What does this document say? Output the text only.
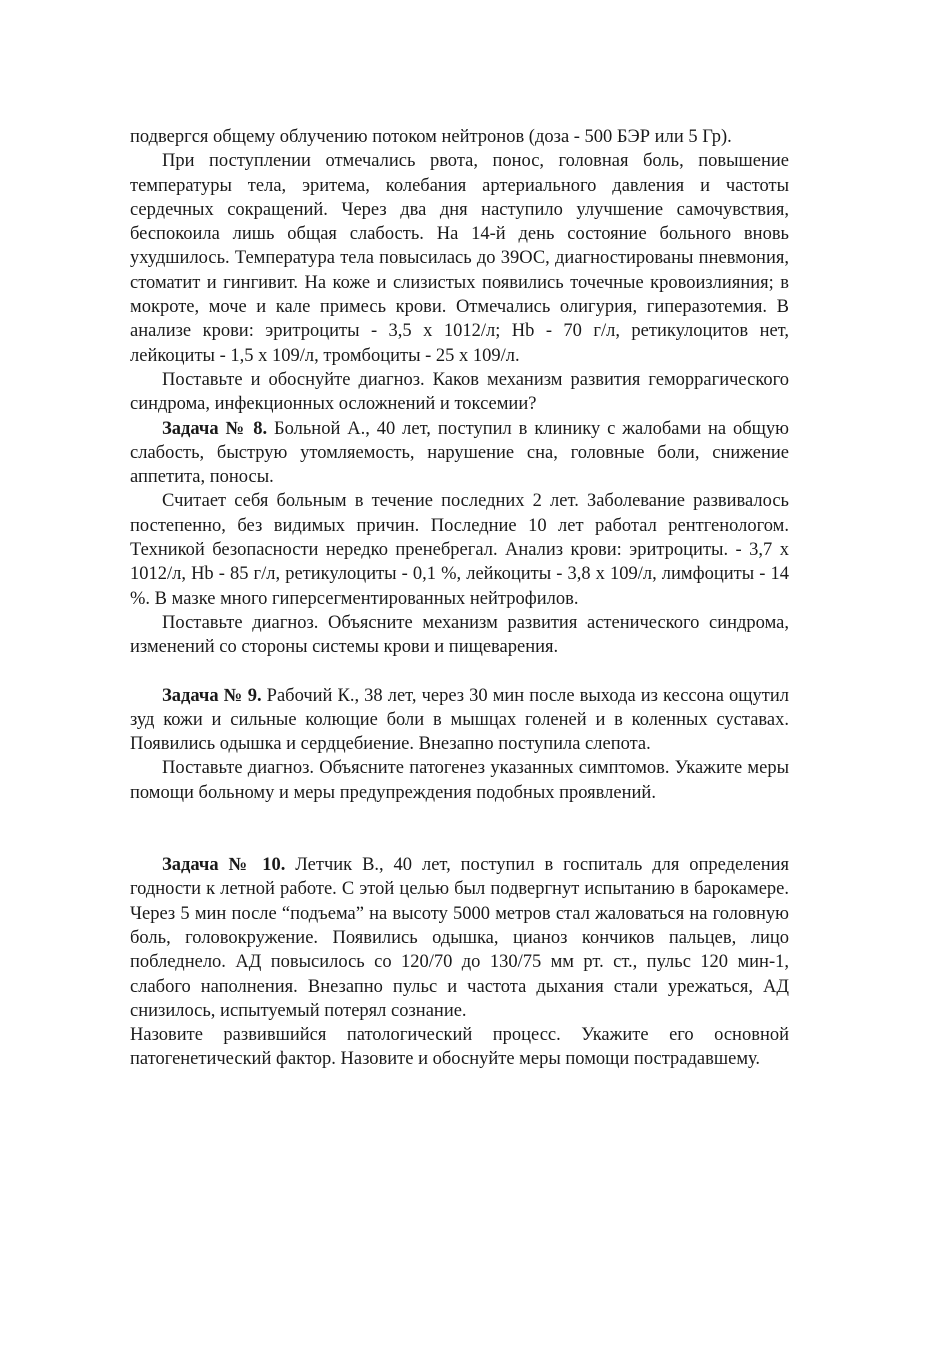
подвергся общему облучению потоком нейтронов (доза - 500 БЭР или 5 Гр).

При поступлении отмечались рвота, понос, головная боль, повышение температуры тела, эритема, колебания артериального давления и частоты сердечных сокращений. Через два дня наступило улучшение самочувствия, беспокоила лишь общая слабость. На 14-й день состояние больного вновь ухудшилось. Температура тела повысилась до 39ОС, диагностированы пневмония, стоматит и гингивит. На коже и слизистых появились точечные кровоизлияния; в мокроте, моче и кале примесь крови. Отмечались олигурия, гиперазотемия. В анализе крови: эритроциты - 3,5 х 1012/л; Hb - 70 г/л, ретикулоцитов нет, лейкоциты - 1,5 х 109/л, тромбоциты - 25 х 109/л.

Поставьте и обоснуйте диагноз. Каков механизм развития геморрагического синдрома, инфекционных осложнений и токсемии?

Задача № 8. Больной А., 40 лет, поступил в клинику с жалобами на общую слабость, быструю утомляемость, нарушение сна, головные боли, снижение аппетита, поносы.

Считает себя больным в течение последних 2 лет. Заболевание развивалось постепенно, без видимых причин. Последние 10 лет работал рентгенологом. Техникой безопасности нередко пренебрегал. Анализ крови: эритроциты. - 3,7 х 1012/л, Hb - 85 г/л, ретикулоциты - 0,1 %, лейкоциты - 3,8 х 109/л, лимфоциты - 14 %. В мазке много гиперсегментированных нейтрофилов.

Поставьте диагноз. Объясните механизм развития астенического синдрома, изменений со стороны системы крови и пищеварения.

Задача № 9. Рабочий К., 38 лет, через 30 мин после выхода из кессона ощутил зуд кожи и сильные колющие боли в мышцах голеней и в коленных суставах. Появились одышка и сердцебиение. Внезапно поступила слепота.

Поставьте диагноз. Объясните патогенез указанных симптомов. Укажите меры помощи больному и меры предупреждения подобных проявлений.

Задача № 10. Летчик В., 40 лет, поступил в госпиталь для определения годности к летной работе. С этой целью был подвергнут испытанию в барокамере. Через 5 мин после “подъема” на высоту 5000 метров стал жаловаться на головную боль, головокружение. Появились одышка, цианоз кончиков пальцев, лицо побледнело. АД повысилось со 120/70 до 130/75 мм рт. ст., пульс 120 мин-1, слабого наполнения. Внезапно пульс и частота дыхания стали урежаться, АД снизилось, испытуемый потерял сознание.

Назовите развившийся патологический процесс. Укажите его основной патогенетический фактор. Назовите и обоснуйте меры помощи пострадавшему.
